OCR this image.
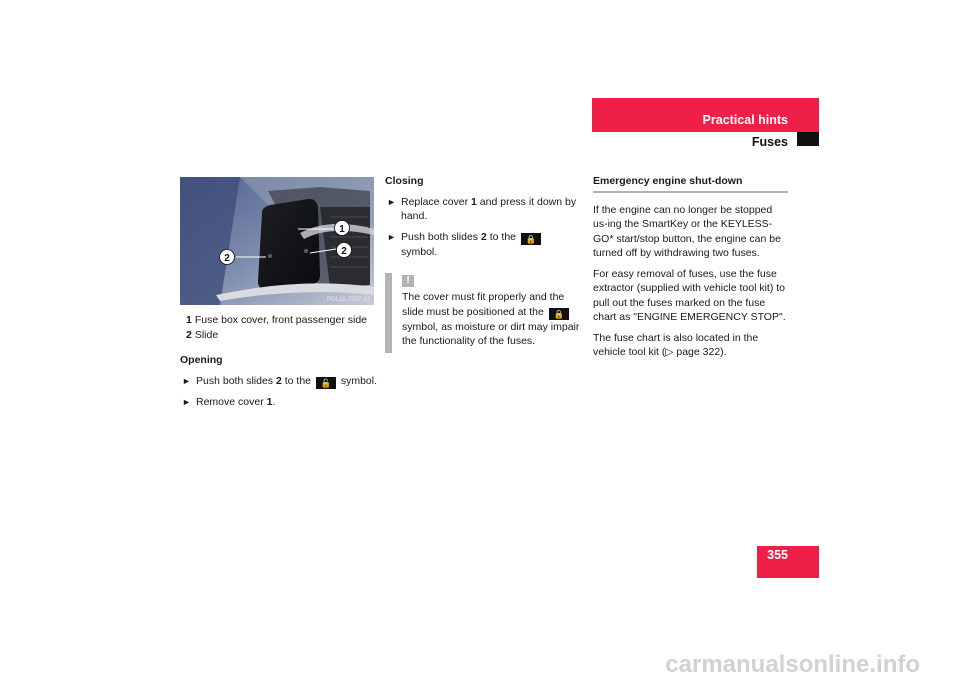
Practical hints
Fuses
1
2
2
P54.15-7007-31
1 Fuse box cover, front passenger side
2 Slide
Opening
► Push both slides 2 to the 🔓 symbol.
► Remove cover 1.
Closing
► Replace cover 1 and press it down by hand.
► Push both slides 2 to the 🔒 symbol.
!
The cover must fit properly and the slide must be positioned at the 🔒 symbol, as moisture or dirt may impair the functionality of the fuses.
Emergency engine shut-down

If the engine can no longer be stopped us-ing the SmartKey or the KEYLESS-GO* start/stop button, the engine can be turned off by withdrawing two fuses.

For easy removal of fuses, use the fuse extractor (supplied with vehicle tool kit) to pull out the fuses marked on the fuse chart as "ENGINE EMERGENCY STOP".

The fuse chart is also located in the vehicle tool kit (▷ page 322).

355
carmanualsonline.info
